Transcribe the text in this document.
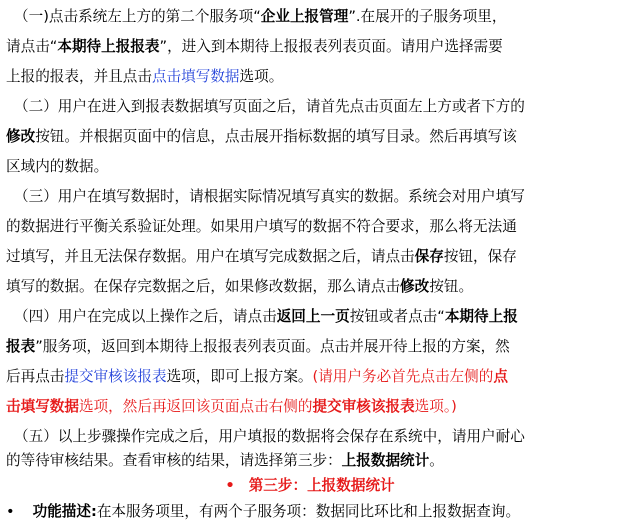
（一)点击系统左上方的第二个服务项“企业上报管理”.在展开的子服务项里，
请点击“本期待上报报表”，进入到本期待上报报表列表页面。请用户选择需要
上报的报表，并且点击点击填写数据选项。
（二）用户在进入到报表数据填写页面之后，请首先点击页面左上方或者下方的
修改按钮。并根据页面中的信息，点击展开指标数据的填写目录。然后再填写该
区域内的数据。
（三）用户在填写数据时，请根据实际情况填写真实的数据。系统会对用户填写
的数据进行平衡关系验证处理。如果用户填写的数据不符合要求，那么将无法通
过填写，并且无法保存数据。用户在填写完成数据之后，请点击保存按钮，保存
填写的数据。在保存完数据之后，如果修改数据，那么请点击修改按钮。
（四）用户在完成以上操作之后，请点击返回上一页按钮或者点击“本期待上报
报表”服务项，返回到本期待上报报表列表页面。点击并展开待上报的方案，然
后再点击提交审核该报表选项，即可上报方案。(请用户务必首先点击左侧的点
击填写数据选项，然后再返回该页面点击右侧的提交审核该报表选项。)
（五）以上步骤操作完成之后，用户填报的数据将会保存在系统中，请用户耐心
的等待审核结果。查看审核的结果，请选择第三步：上报数据统计。
• 第三步：上报数据统计
• 功能描述:在本服务项里，有两个子服务项：数据同比环比和上报数据查询。
